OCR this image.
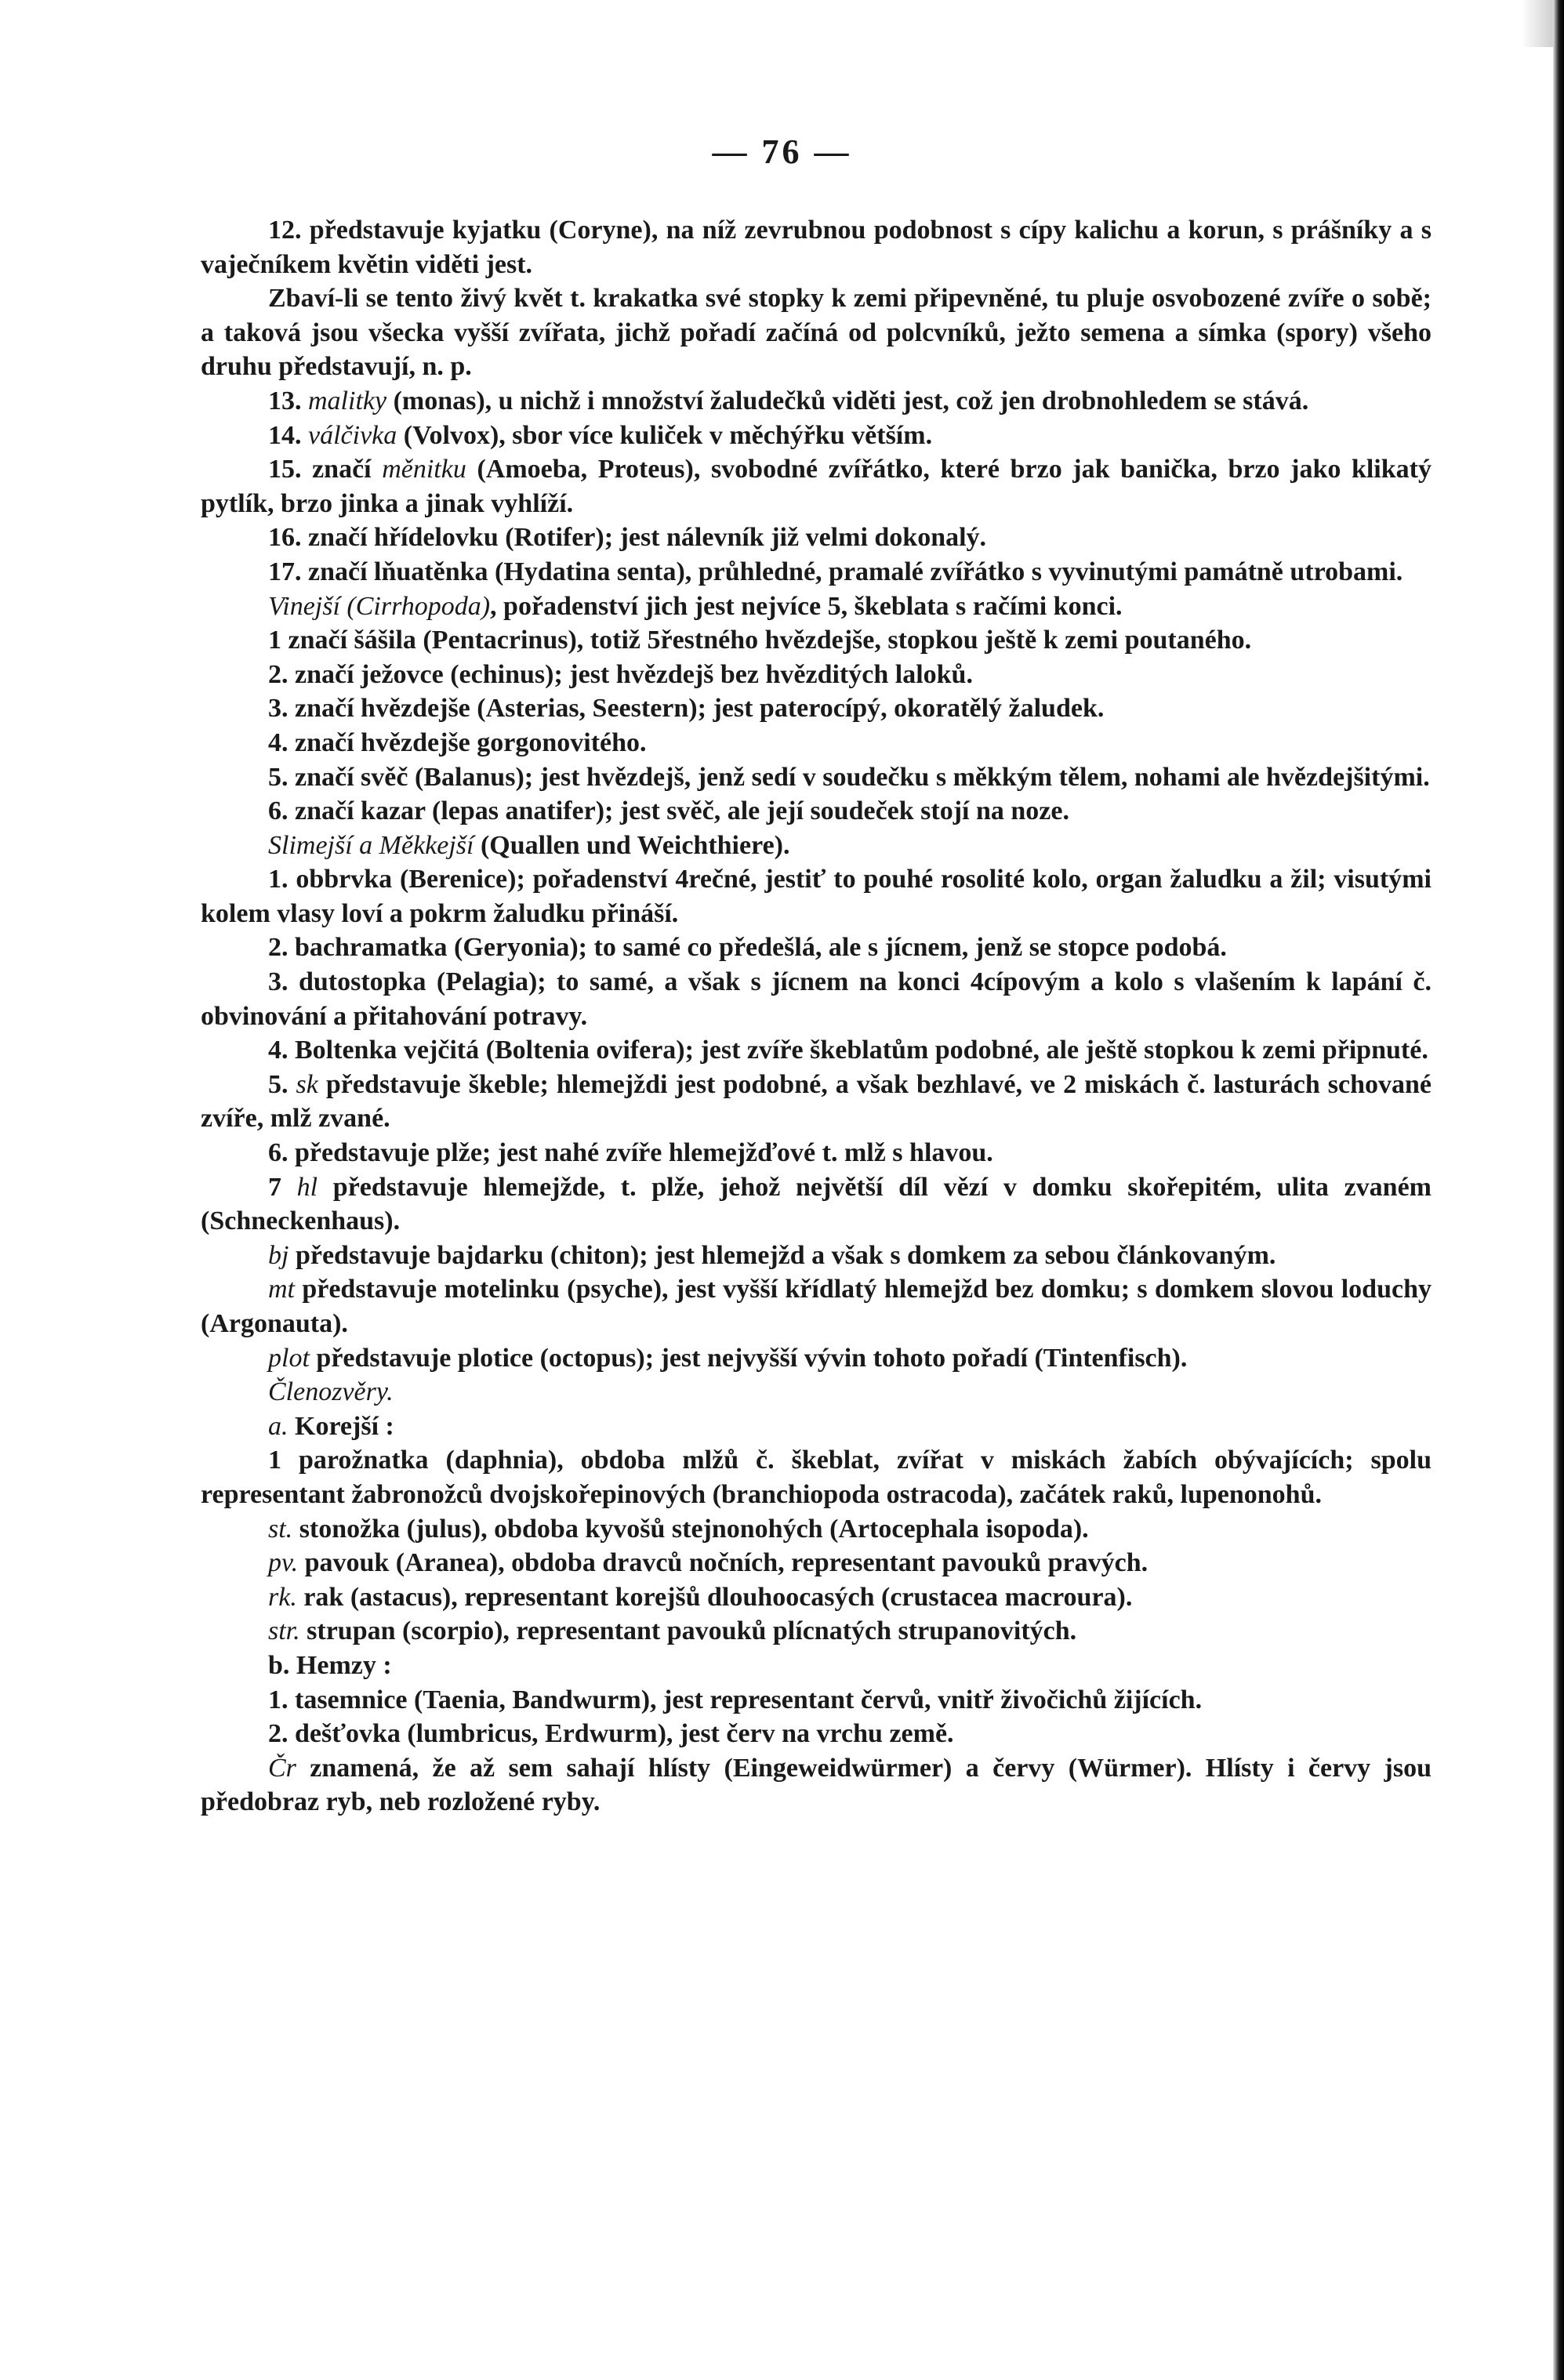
— 76 —

12. představuje kyjatku (Coryne), na níž zevrubnou podobnost s cípy kalichu a korun, s prášníky a s vaječníkem květin viděti jest.

Zbaví-li se tento živý květ t. krakatka své stopky k zemi připevněné, tu pluje osvobozené zvíře o sobě; a taková jsou všecka vyšší zvířata, jichž pořadí začíná od polcvníků, ježto semena a símka (spory) všeho druhu představují, n. p.

13. malitky (monas), u nichž i množství žaludečků viděti jest, což jen drobnohledem se stává.

14. válčivka (Volvox), sbor více kuliček v měchýřku větším.

15. značí měnitku (Amoeba, Proteus), svobodné zvířátko, které brzo jak banička, brzo jako klikatý pytlík, brzo jinka a jinak vyhlíží.

16. značí hřídelovku (Rotifer); jest nálevník již velmi dokonalý.

17. značí lňuatěnka (Hydatina senta), průhledné, pramalé zvířátko s vyvinutými památně utrobami.

Vinejší (Cirrhopoda), pořadenství jich jest nejvíce 5, škeblata s račími konci.

1 značí šášila (Pentacrinus), totiž 5řestného hvězdejše, stopkou ještě k zemi poutaného.

2. značí ježovce (echinus); jest hvězdejš bez hvězditých laloků.

3. značí hvězdejše (Asterias, Seestern); jest paterocípý, okoratělý žaludek.

4. značí hvězdejše gorgonovitého.

5. značí svěč (Balanus); jest hvězdejš, jenž sedí v soudečku s měkkým tělem, nohami ale hvězdejšitými.

6. značí kazar (lepas anatifer); jest svěč, ale její soudeček stojí na noze.

Slimejší a Měkkejší (Quallen und Weichthiere).

1. obbrvka (Berenice); pořadenství 4rečné, jestiť to pouhé rosolité kolo, organ žaludku a žil; visutými kolem vlasy loví a pokrm žaludku přináší.

2. bachramatka (Geryonia); to samé co předešlá, ale s jícnem, jenž se stopce podobá.

3. dutostopka (Pelagia); to samé, a však s jícnem na konci 4cípovým a kolo s vlašením k lapání č. obvinování a přitahování potravy.

4. Boltenka vejčitá (Boltenia ovifera); jest zvíře škeblatům podobné, ale ještě stopkou k zemi připnuté.

5. sk představuje škeble; hlemejždi jest podobné, a však bezhlavé, ve 2 miskách č. lasturách schované zvíře, mlž zvané.

6. představuje plže; jest nahé zvíře hlemejžďové t. mlž s hlavou.

7 hl představuje hlemejžde, t. plže, jehož největší díl vězí v domku skořepitém, ulita zvaném (Schneckenhaus).

bj představuje bajdarku (chiton); jest hlemejžd a však s domkem za sebou článkovaným.

mt představuje motelinku (psyche), jest vyšší křídlatý hlemejžd bez domku; s domkem slovou loduchy (Argonauta).

plot představuje plotice (octopus); jest nejvyšší vývin tohoto pořadí (Tintenfisch).

Členozvěry.

a. Korejší :

1 parožnatka (daphnia), obdoba mlžů č. škeblat, zvířat v miskách žabích obývajících; spolu representant žabronožců dvojskořepinových (branchiopoda ostracoda), začátek raků, lupenonohů.

st. stonožka (julus), obdoba kyvošů stejnonohých (Artocephala isopoda).

pv. pavouk (Aranea), obdoba dravců nočních, representant pavouků pravých.

rk. rak (astacus), representant korejšů dlouhoocasých (crustacea macroura).

str. strupan (scorpio), representant pavouků plícnatých strupanovitých.

b. Hemzy :

1. tasemnice (Taenia, Bandwurm), jest representant červů, vnitř živočichů žijících.

2. dešťovka (lumbricus, Erdwurm), jest červ na vrchu země.

Čr znamená, že až sem sahají hlísty (Eingeweidwürmer) a červy (Würmer). Hlísty i červy jsou předobraz ryb, neb rozložené ryby.
